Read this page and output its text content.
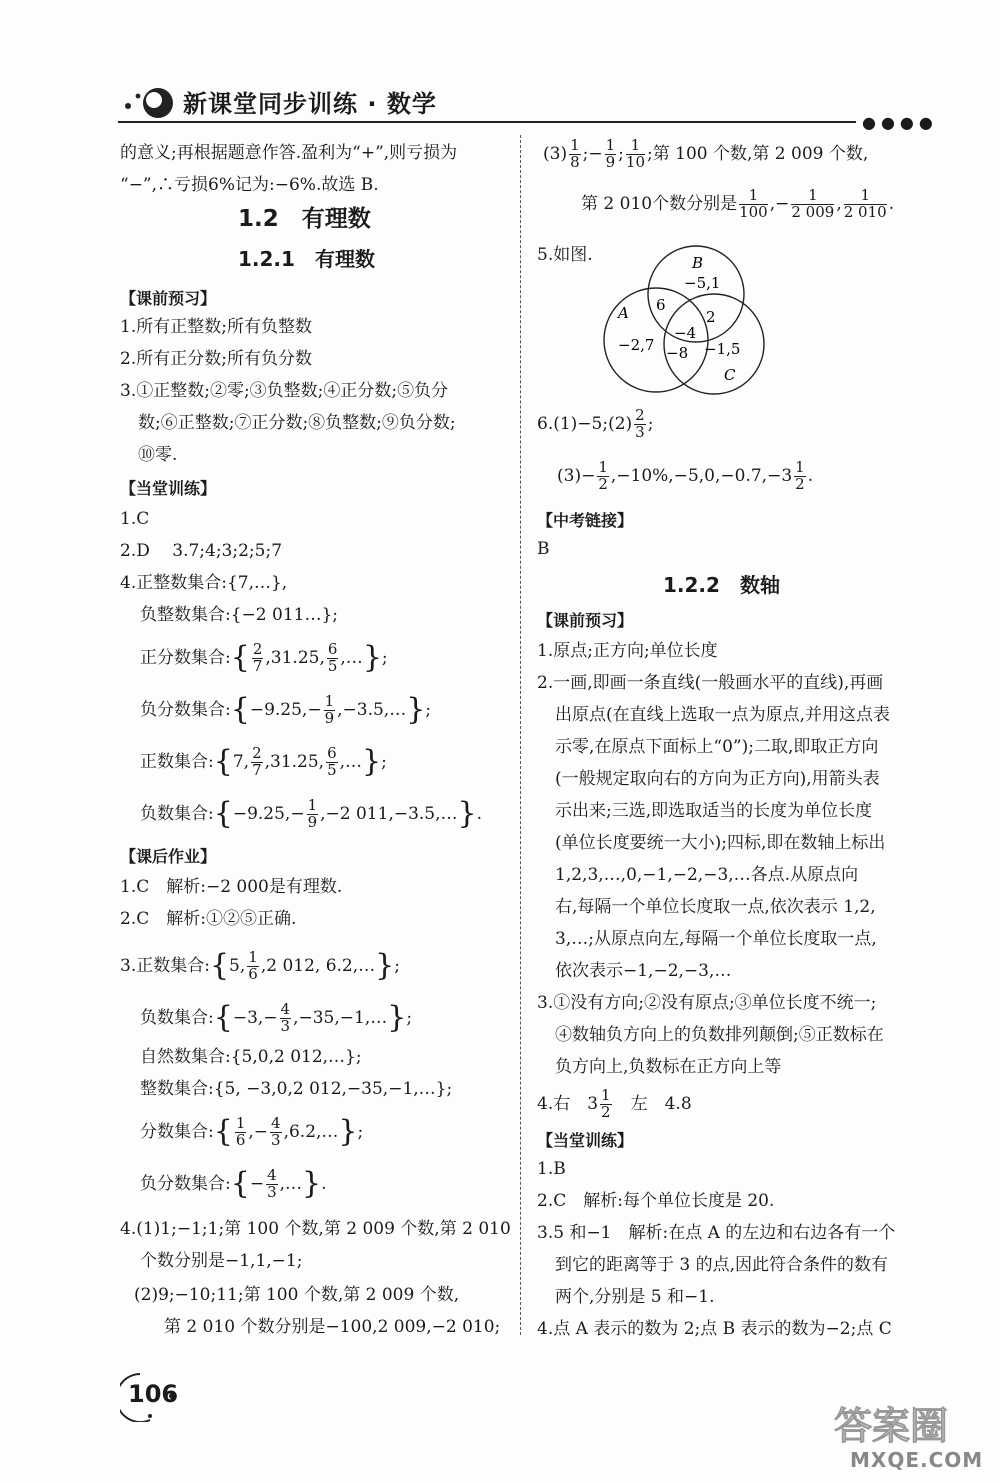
新课堂同步训练 · 数学
●●●●
的意义;再根据题意作答.盈利为“+”,则亏损为
“−”,∴亏损6%记为:−6%.故选 B.
1.2　有理数
1.2.1　有理数
【课前预习】
1.所有正整数;所有负整数
2.所有正分数;所有负分数
3.①正整数;②零;③负整数;④正分数;⑤负分
数;⑥正整数;⑦正分数;⑧负整数;⑨负分数;
⑩零.
【当堂训练】
1.C
2.D　 3.7;4;3;2;5;7
4.正整数集合:{7,…},
负整数集合:{−2 011…};
正分数集合:{ $\frac{2}{7} ,31.25$, $\frac{6}{5}$ ,…};
负分数集合:{−9.25,− $\frac{1}{9}$ ,−3.5,…};
正数集合:{7, $\frac{2}{7} ,31.25$, $\frac{6}{5}$ ,…};
负数集合:{−9.25,− $\frac{1}{9} ,-2$ 011,−3.5,…}.
【课后作业】
1.C　解析:−2 000是有理数.
2.C　解析:①②⑤正确.
3.正数集合:{5, $\frac{1}{6} ,2$ 012, 6.2,…};
负数集合:{−3,− $\frac{4}{3}$ ,−35,−1,…};
自然数集合:{5,0,2 012,…};
整数集合:{5, −3,0,2 012,−35,−1,…};
分数集合:{ $\frac{1}{6}$ ,− $\frac{4}{3}$ ,6.2,…};
负分数集合:{− $\frac{4}{3}$ ,…}.
4.(1)1;−1;1;第 100 个数,第 2 009 个数,第 2 010
个数分别是−1,1,−1;
(2)9;−10;11;第 100 个数,第 2 009 个数,
第 2 010 个数分别是−100,2 009,−2 010;
$(3) \frac{1}{8}$ ;− $\frac{1}{9}$ ; $\frac{1}{10}$ ;第 100 个数,第 2 009 个数,
第 2 010个数分别是 $\frac{1}{100}$ ,− $\frac{1}{2 009}$ , $\frac{1}{2 010}$ .
5.如图.
6.(1)−5;(2) $\frac{2}{3}$ ;
$(3)- \frac{1}{2} ,-10\%,-5,0,-0.7,-3 \frac{1}{2}$ .
【中考链接】
B
1.2.2　数轴
【课前预习】
1.原点;正方向;单位长度
2.一画,即画一条直线(一般画水平的直线),再画
出原点(在直线上选取一点为原点,并用这点表
示零,在原点下面标上“0”);二取,即取正方向
(一般规定取向右的方向为正方向),用箭头表
示出来;三选,即选取适当的长度为单位长度
(单位长度要统一大小);四标,即在数轴上标出
1,2,3,…,0,−1,−2,−3,…各点.从原点向
右,每隔一个单位长度取一点,依次表示 1,2,
3,…;从原点向左,每隔一个单位长度取一点,
依次表示−1,−2,−3,…
3.①没有方向;②没有原点;③单位长度不统一;
④数轴负方向上的负数排列颠倒;⑤正数标在
负方向上,负数标在正方向上等
4.右　$3 \frac{1}{2}$
　 左　4.8
【当堂训练】
1.B
2.C　解析:每个单位长度是 20.
3.5 和−1　解析:在点 A 的左边和右边各有一个
到它的距离等于 3 的点,因此符合条件的数有
两个,分别是 5 和−1.
4.点 A 表示的数为 2;点 B 表示的数为−2;点 C
B
−5,1
A
−2,7
6
2
−4
−8 −1,5
C
106
答案圈
MXQE.COM
